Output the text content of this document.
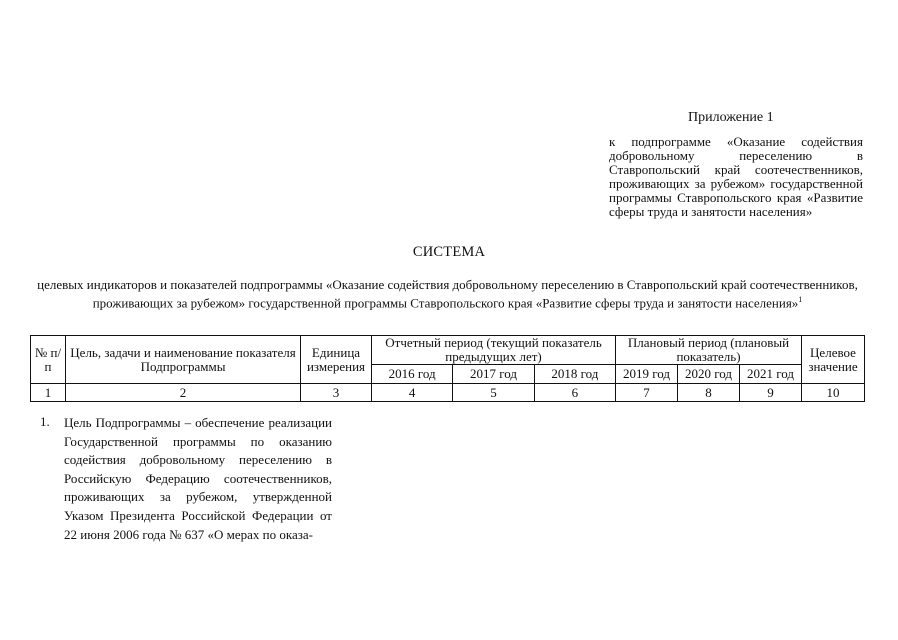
Приложение 1
к подпрограмме «Оказание содействия добровольному переселению в Ставропольский край соотечественников, проживающих за рубежом» государственной программы Ставропольского края «Развитие сферы труда и занятости населения»
СИСТЕМА
целевых индикаторов и показателей подпрограммы «Оказание содействия добровольному переселению в Ставропольский край соотечественников, проживающих за рубежом» государственной программы Ставропольского края «Развитие сферы труда и занятости населения»$^1$
№ п/п	Цель, задачи и наименование показателя Подпрограммы	Единица измерения	Отчетный период (текущий показатель предыдущих лет)			Плановый период (плановый показатель)			Целевое значение
			2016 год	2017 год	2018 год	2019 год	2020 год	2021 год	
1	2	3	4	5	6	7	8	9	10
1. Цель Подпрограммы – обеспечение реализации Государственной программы по оказанию содействия добровольному переселению в Российскую Федерацию соотечественников, проживающих за рубежом, утвержденной Указом Президента Российской Федерации от 22 июня 2006 года № 637 «О мерах по оказа-
